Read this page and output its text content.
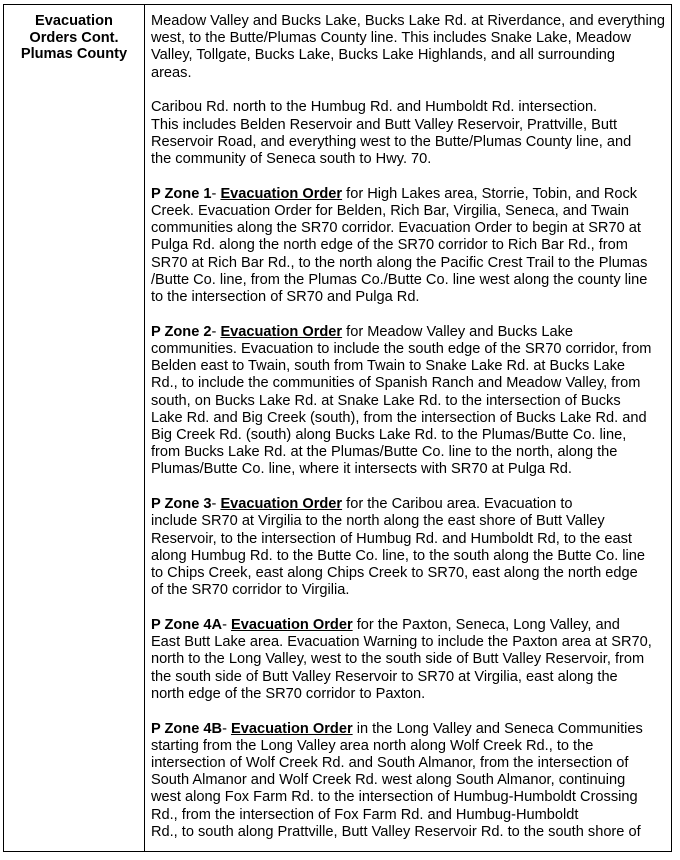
Evacuation
Orders Cont.
Plumas County
Meadow Valley and Bucks Lake, Bucks Lake Rd. at Riverdance, and everything
west, to the Butte/Plumas County line. This includes Snake Lake, Meadow
Valley, Tollgate, Bucks Lake, Bucks Lake Highlands, and all surrounding
areas.
Caribou Rd. north to the Humbug Rd. and Humboldt Rd. intersection.
This includes Belden Reservoir and Butt Valley Reservoir, Prattville, Butt
Reservoir Road, and everything west to the Butte/Plumas County line, and
the community of Seneca south to Hwy. 70.
P Zone 1- Evacuation Order for High Lakes area, Storrie, Tobin, and Rock
Creek. Evacuation Order for Belden, Rich Bar, Virgilia, Seneca, and Twain
communities along the SR70 corridor. Evacuation Order to begin at SR70 at
Pulga Rd. along the north edge of the SR70 corridor to Rich Bar Rd., from
SR70 at Rich Bar Rd., to the north along the Pacific Crest Trail to the Plumas
/Butte Co. line, from the Plumas Co./Butte Co. line west along the county line
to the intersection of SR70 and Pulga Rd.
P Zone 2- Evacuation Order for Meadow Valley and Bucks Lake
communities. Evacuation to include the south edge of the SR70 corridor, from
Belden east to Twain, south from Twain to Snake Lake Rd. at Bucks Lake
Rd., to include the communities of Spanish Ranch and Meadow Valley, from
south, on Bucks Lake Rd. at Snake Lake Rd. to the intersection of Bucks
Lake Rd. and Big Creek (south), from the intersection of Bucks Lake Rd. and
Big Creek Rd. (south) along Bucks Lake Rd. to the Plumas/Butte Co. line,
from Bucks Lake Rd. at the Plumas/Butte Co. line to the north, along the
Plumas/Butte Co. line, where it intersects with SR70 at Pulga Rd.
P Zone 3- Evacuation Order for the Caribou area. Evacuation to
include SR70 at Virgilia to the north along the east shore of Butt Valley
Reservoir, to the intersection of Humbug Rd. and Humboldt Rd, to the east
along Humbug Rd. to the Butte Co. line, to the south along the Butte Co. line
to Chips Creek, east along Chips Creek to SR70, east along the north edge
of the SR70 corridor to Virgilia.
P Zone 4A- Evacuation Order for the Paxton, Seneca, Long Valley, and
East Butt Lake area. Evacuation Warning to include the Paxton area at SR70,
north to the Long Valley, west to the south side of Butt Valley Reservoir, from
the south side of Butt Valley Reservoir to SR70 at Virgilia, east along the
north edge of the SR70 corridor to Paxton.
P Zone 4B- Evacuation Order in the Long Valley and Seneca Communities
starting from the Long Valley area north along Wolf Creek Rd., to the
intersection of Wolf Creek Rd. and South Almanor, from the intersection of
South Almanor and Wolf Creek Rd. west along South Almanor, continuing
west along Fox Farm Rd. to the intersection of Humbug-Humboldt Crossing
Rd., from the intersection of Fox Farm Rd. and Humbug-Humboldt
Rd., to south along Prattville, Butt Valley Reservoir Rd. to the south shore of
